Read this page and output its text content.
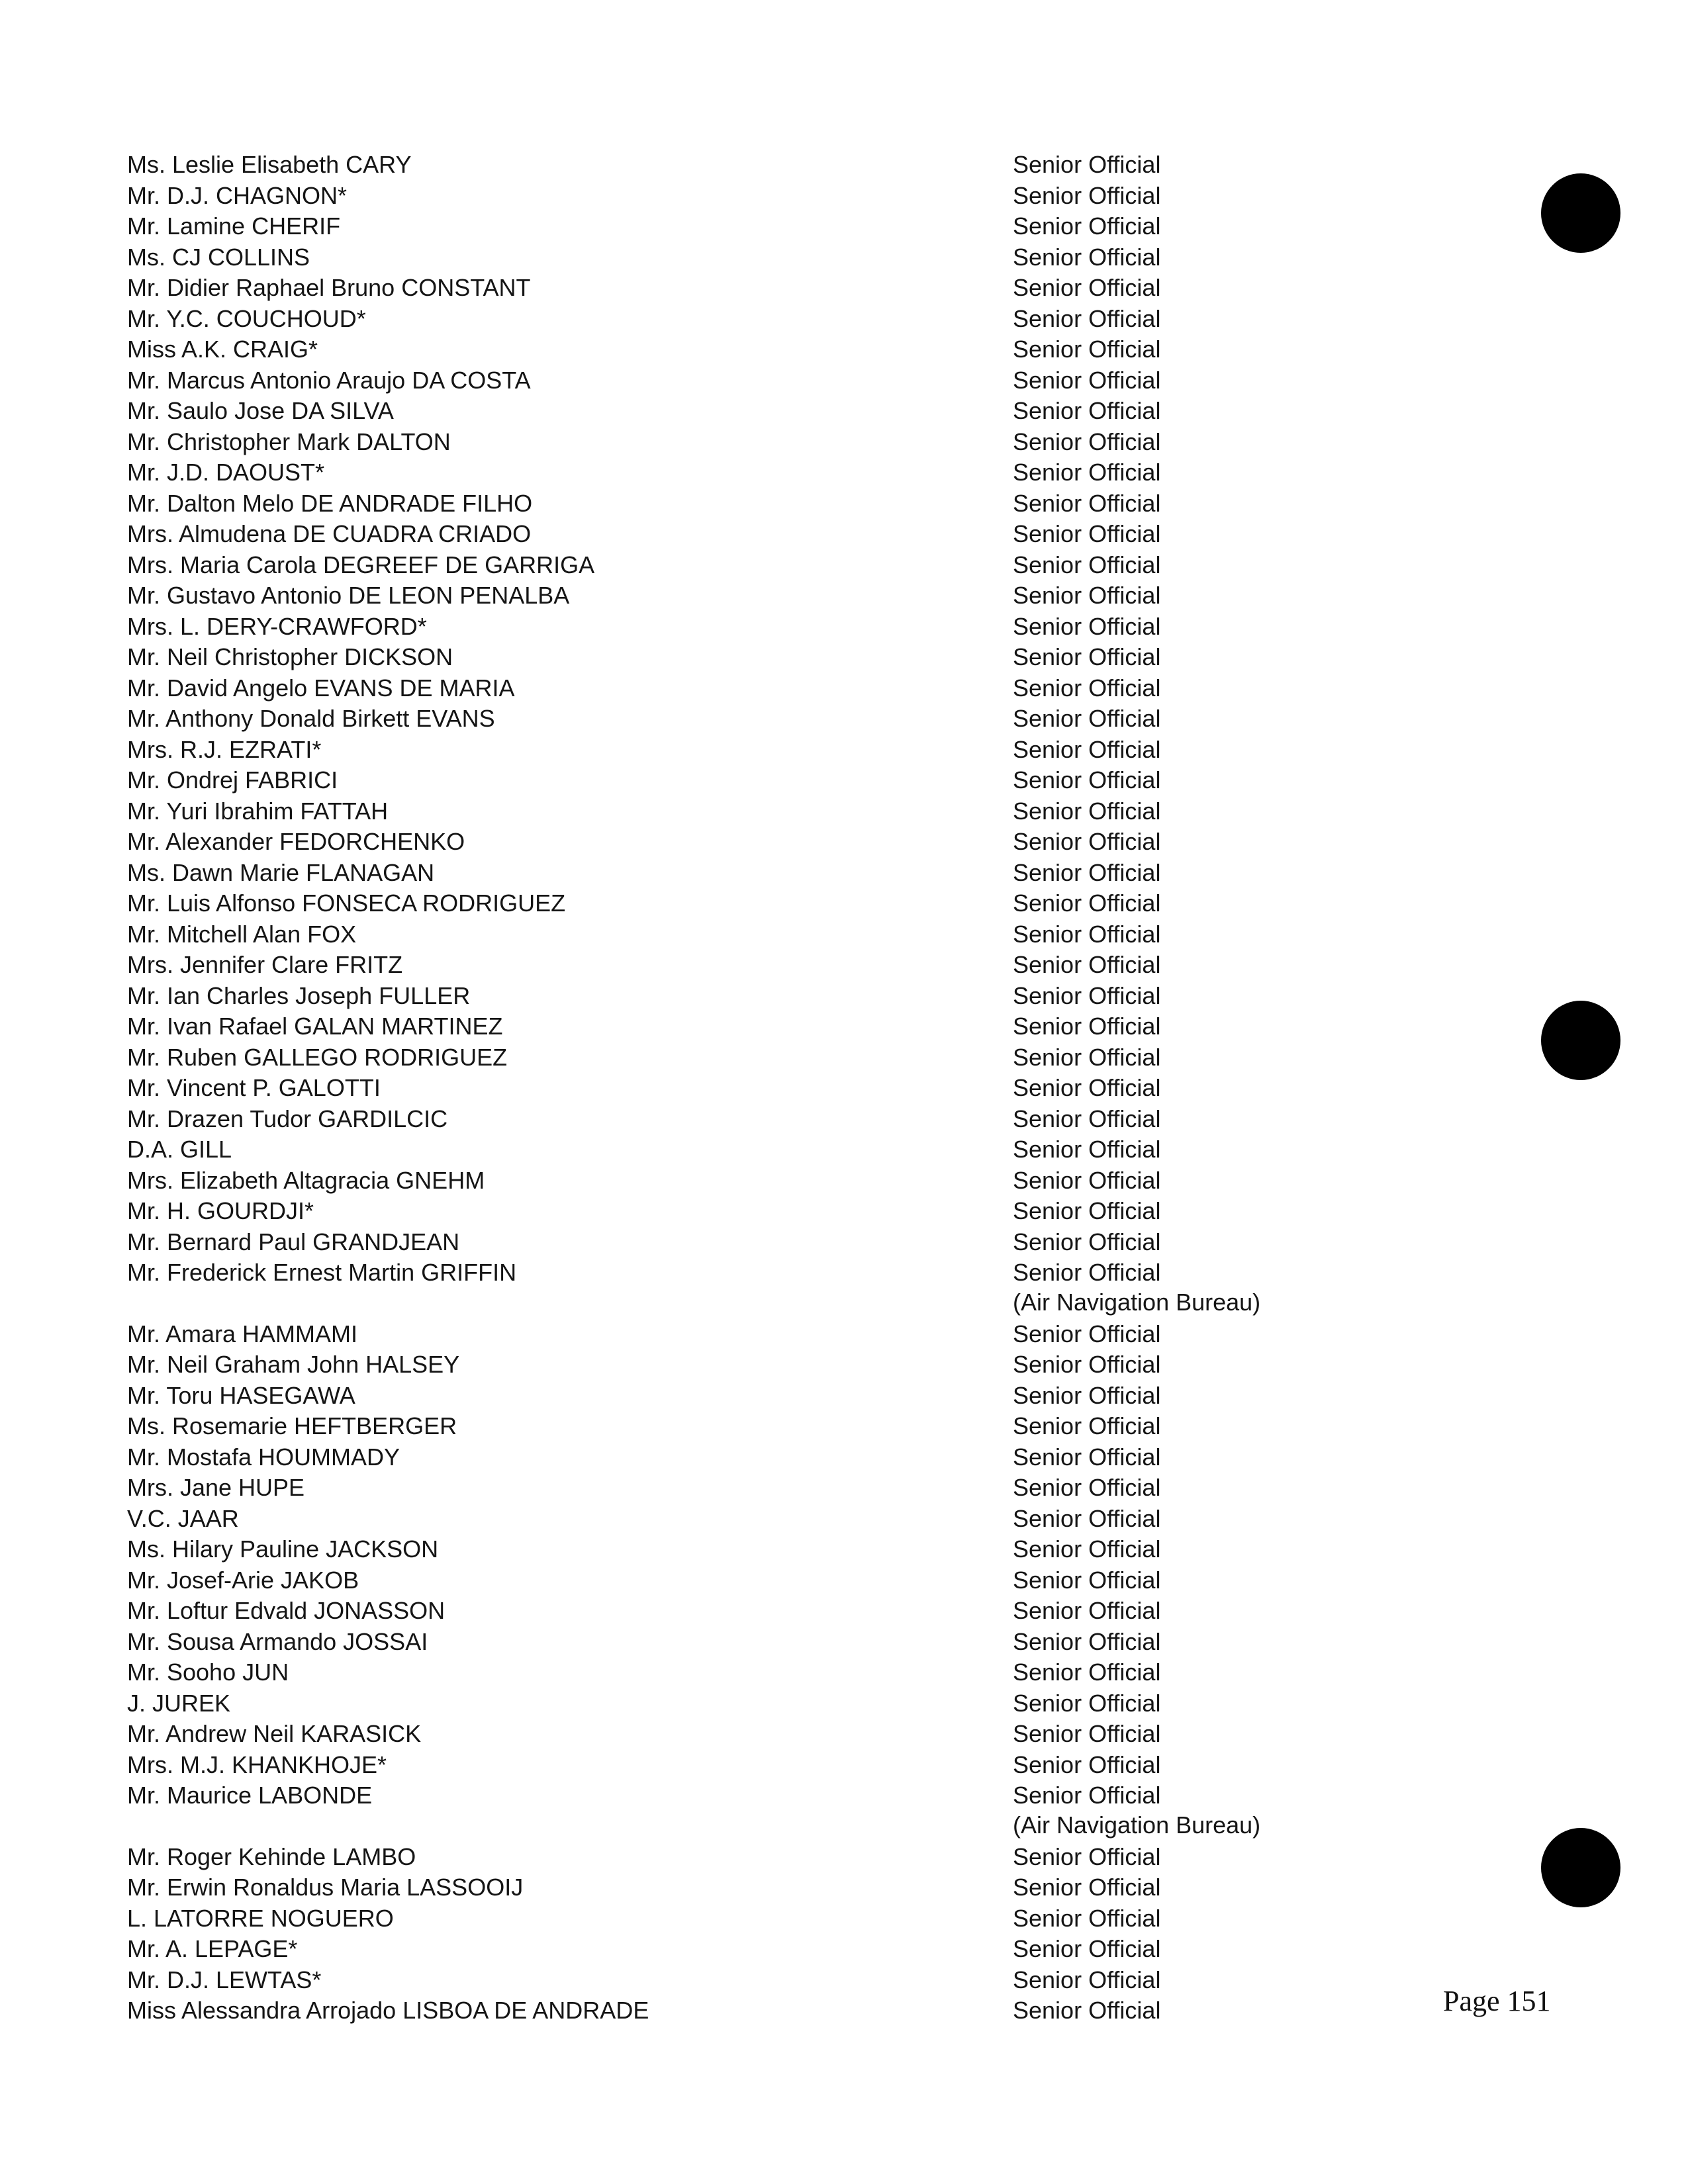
Ms. Leslie Elisabeth CARY	Senior Official
Mr. D.J. CHAGNON*	Senior Official
Mr. Lamine CHERIF	Senior Official
Ms. CJ COLLINS	Senior Official
Mr. Didier Raphael Bruno CONSTANT	Senior Official
Mr. Y.C. COUCHOUD*	Senior Official
Miss A.K. CRAIG*	Senior Official
Mr. Marcus Antonio Araujo DA COSTA	Senior Official
Mr. Saulo Jose DA SILVA	Senior Official
Mr. Christopher Mark DALTON	Senior Official
Mr. J.D. DAOUST*	Senior Official
Mr. Dalton Melo DE ANDRADE FILHO	Senior Official
Mrs. Almudena DE CUADRA CRIADO	Senior Official
Mrs. Maria Carola DEGREEF DE GARRIGA	Senior Official
Mr. Gustavo Antonio DE LEON PENALBA	Senior Official
Mrs. L. DERY-CRAWFORD*	Senior Official
Mr. Neil Christopher DICKSON	Senior Official
Mr. David Angelo EVANS DE MARIA	Senior Official
Mr. Anthony Donald Birkett EVANS	Senior Official
Mrs. R.J. EZRATI*	Senior Official
Mr. Ondrej FABRICI	Senior Official
Mr. Yuri Ibrahim FATTAH	Senior Official
Mr. Alexander FEDORCHENKO	Senior Official
Ms. Dawn Marie FLANAGAN	Senior Official
Mr. Luis Alfonso FONSECA RODRIGUEZ	Senior Official
Mr. Mitchell Alan FOX	Senior Official
Mrs. Jennifer Clare FRITZ	Senior Official
Mr. Ian Charles Joseph FULLER	Senior Official
Mr. Ivan Rafael GALAN MARTINEZ	Senior Official
Mr. Ruben GALLEGO RODRIGUEZ	Senior Official
Mr. Vincent P. GALOTTI	Senior Official
Mr. Drazen Tudor GARDILCIC	Senior Official
D.A. GILL	Senior Official
Mrs. Elizabeth Altagracia GNEHM	Senior Official
Mr. H. GOURDJI*	Senior Official
Mr. Bernard Paul GRANDJEAN	Senior Official
Mr. Frederick Ernest Martin GRIFFIN	Senior Official
(Air Navigation Bureau)
Mr. Amara HAMMAMI	Senior Official
Mr. Neil Graham John HALSEY	Senior Official
Mr. Toru HASEGAWA	Senior Official
Ms. Rosemarie HEFTBERGER	Senior Official
Mr. Mostafa HOUMMADY	Senior Official
Mrs. Jane HUPE	Senior Official
V.C. JAAR	Senior Official
Ms. Hilary Pauline JACKSON	Senior Official
Mr. Josef-Arie JAKOB	Senior Official
Mr. Loftur Edvald JONASSON	Senior Official
Mr. Sousa Armando JOSSAI	Senior Official
Mr. Sooho JUN	Senior Official
J. JUREK	Senior Official
Mr. Andrew Neil KARASICK	Senior Official
Mrs. M.J. KHANKHOJE*	Senior Official
Mr. Maurice LABONDE	Senior Official
(Air Navigation Bureau)
Mr. Roger Kehinde LAMBO	Senior Official
Mr. Erwin Ronaldus Maria LASSOOIJ	Senior Official
L. LATORRE NOGUERO	Senior Official
Mr. A. LEPAGE*	Senior Official
Mr. D.J. LEWTAS*	Senior Official
Miss Alessandra Arrojado LISBOA DE ANDRADE	Senior Official	Page 151
